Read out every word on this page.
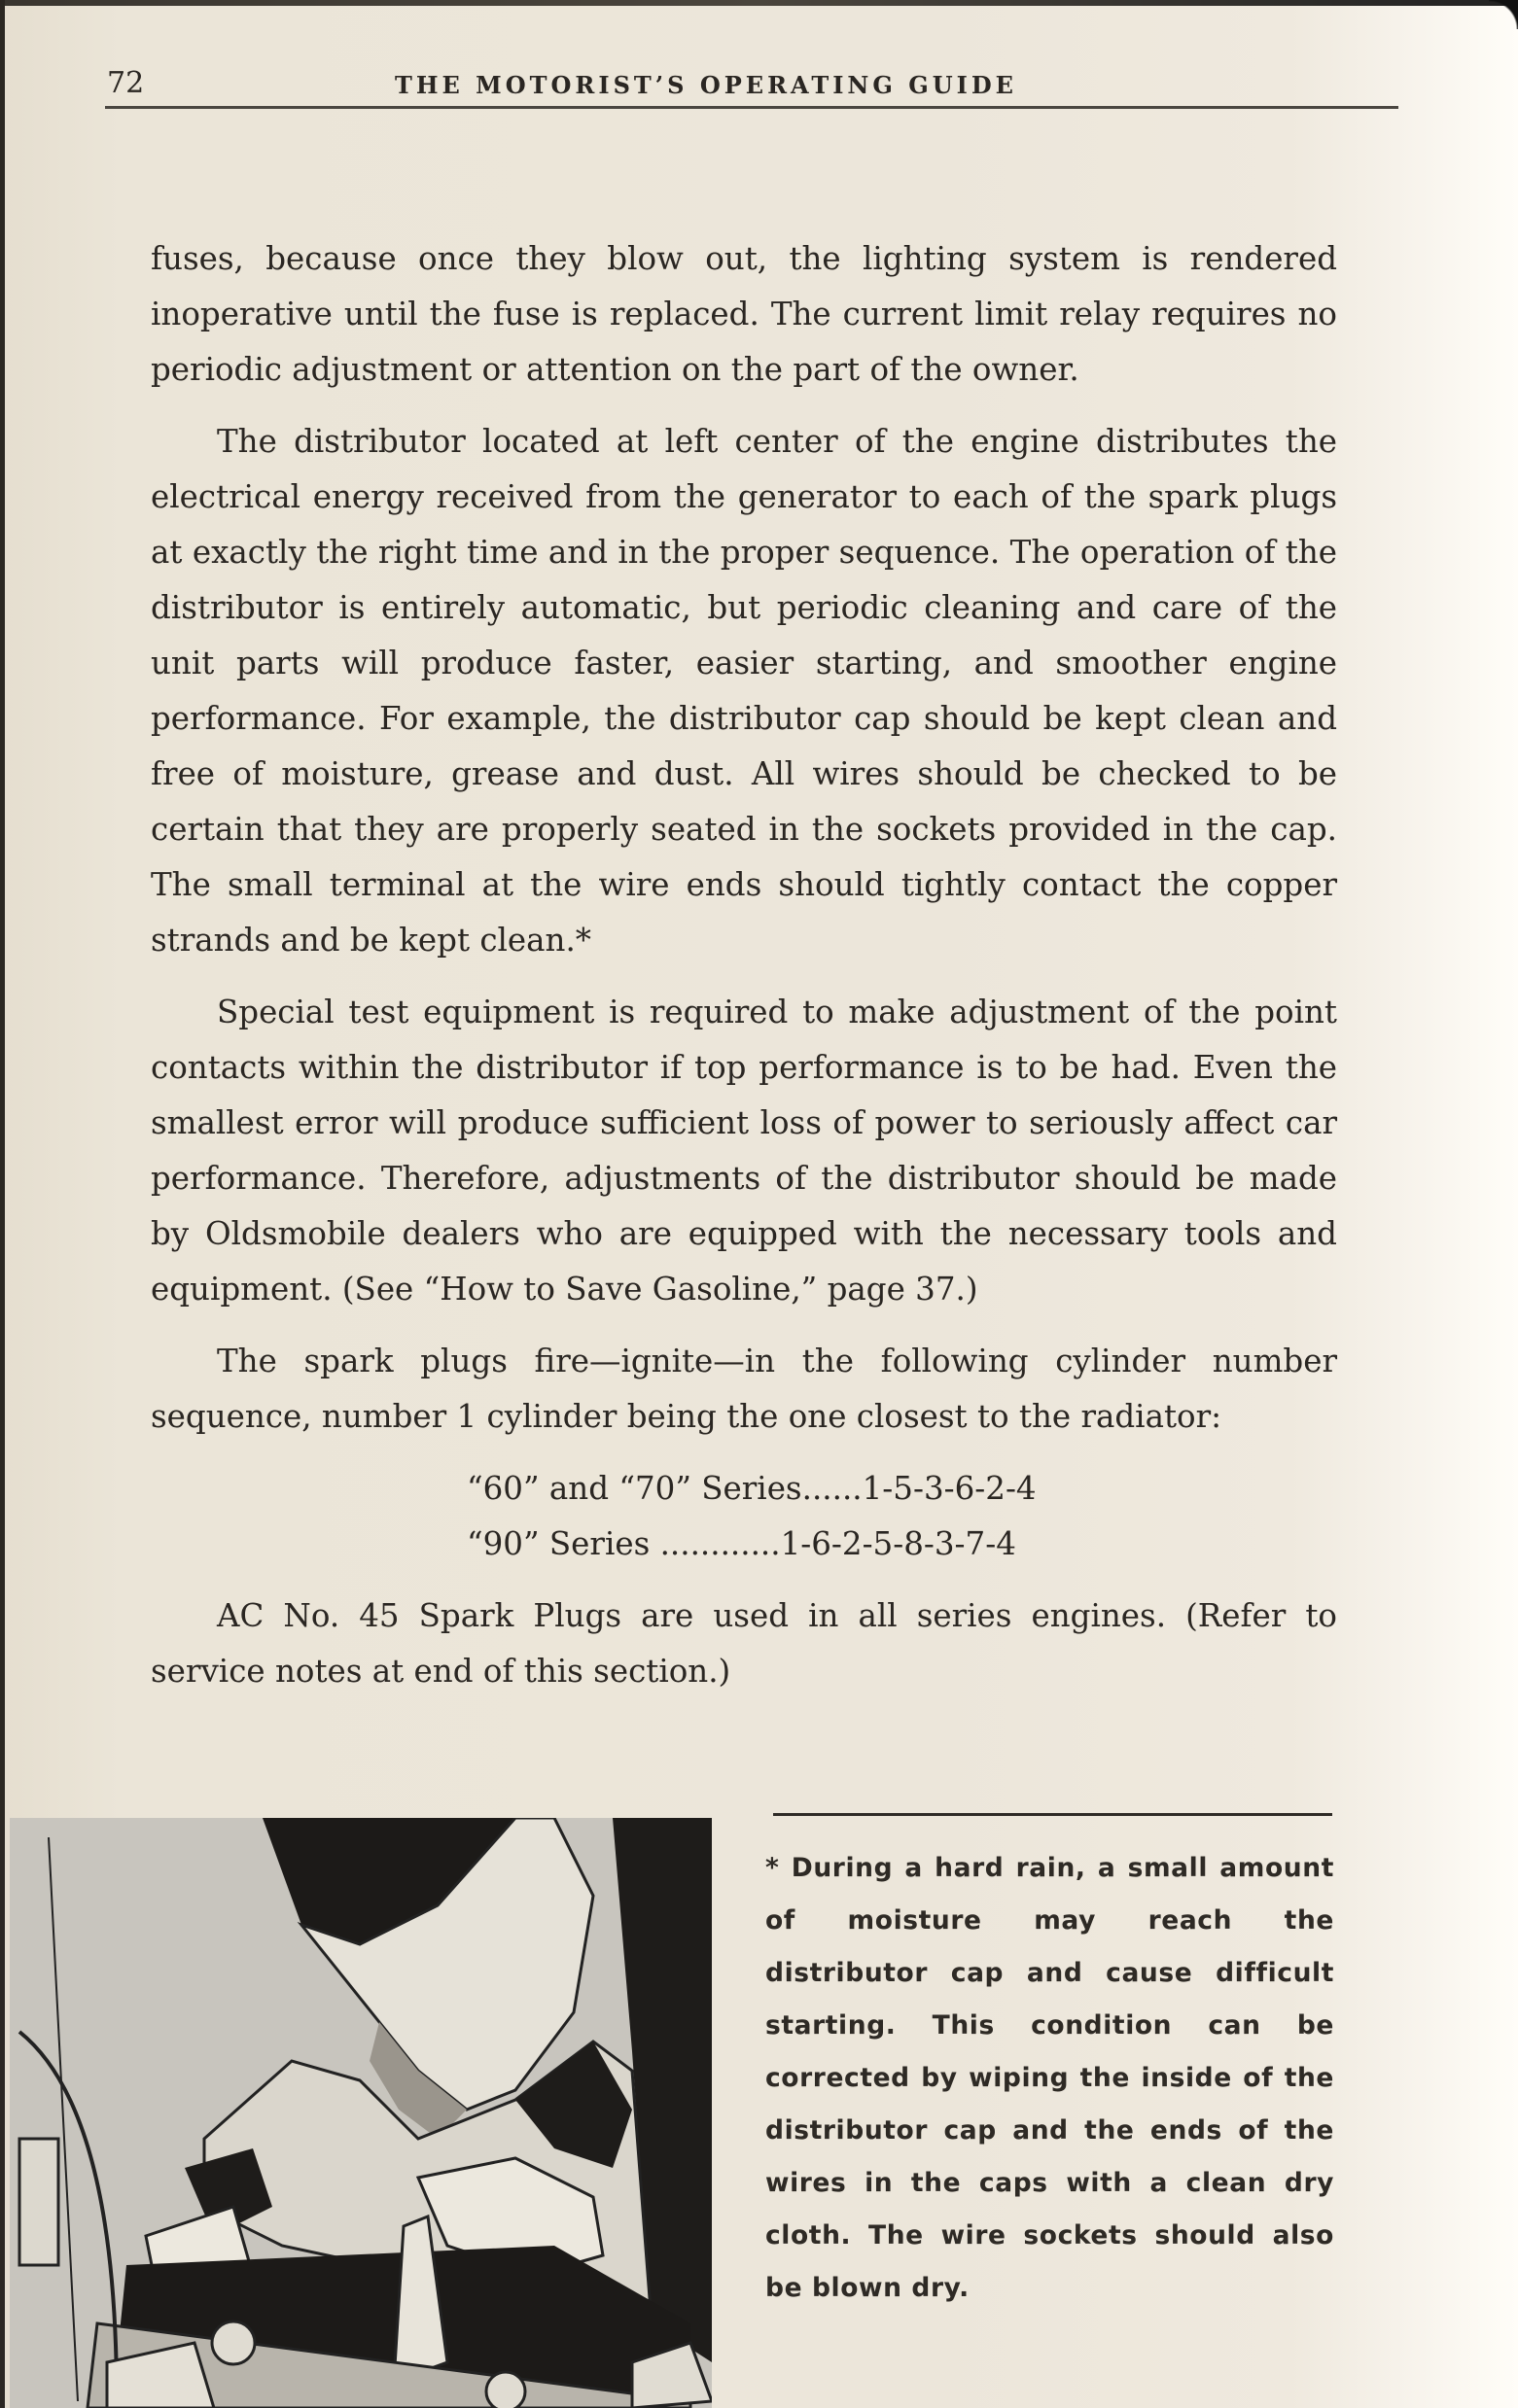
72	THE MOTORIST’S OPERATING GUIDE

fuses, because once they blow out, the lighting system is rendered inoperative until the fuse is replaced. The current limit relay requires no periodic adjustment or attention on the part of the owner.

The distributor located at left center of the engine distributes the electrical energy received from the generator to each of the spark plugs at exactly the right time and in the proper sequence. The operation of the distributor is entirely automatic, but periodic cleaning and care of the unit parts will produce faster, easier starting, and smoother engine performance. For example, the distributor cap should be kept clean and free of moisture, grease and dust. All wires should be checked to be certain that they are properly seated in the sockets provided in the cap. The small terminal at the wire ends should tightly contact the copper strands and be kept clean.*

Special test equipment is required to make adjustment of the point contacts within the distributor if top performance is to be had. Even the smallest error will produce sufficient loss of power to seriously affect car performance. Therefore, adjustments of the distributor should be made by Oldsmobile dealers who are equipped with the necessary tools and equipment. (See “How to Save Gasoline,” page 37.)

The spark plugs fire—ignite—in the following cylinder number sequence, number 1 cylinder being the one closest to the radiator:

“60” and “70” Series......1-5-3-6-2-4
“90” Series ............1-6-2-5-8-3-7-4

AC No. 45 Spark Plugs are used in all series engines. (Refer to service notes at end of this section.)

* During a hard rain, a small amount of moisture may reach the distributor cap and cause difficult starting. This condition can be corrected by wiping the inside of the distributor cap and the ends of the wires in the caps with a clean dry cloth. The wire sockets should also be blown dry.
